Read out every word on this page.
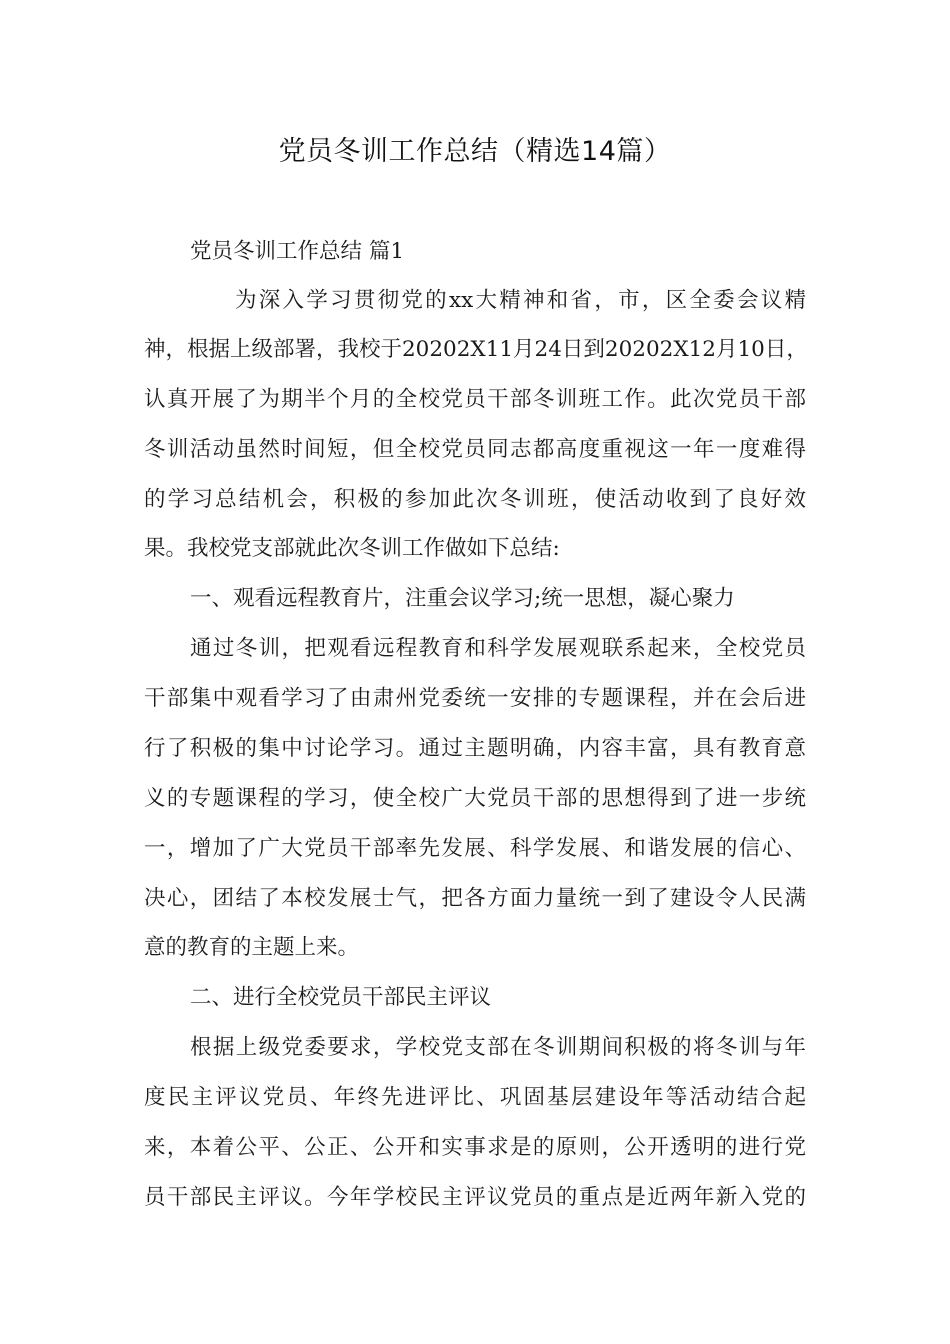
党员冬训工作总结（精选14篇）
党员冬训工作总结 篇1
为深入学习贯彻党的xx大精神和省，市，区全委会议精
神，根据上级部署，我校于20202X11月24日到20202X12月10日，
认真开展了为期半个月的全校党员干部冬训班工作。此次党员干部
冬训活动虽然时间短，但全校党员同志都高度重视这一年一度难得
的学习总结机会，积极的参加此次冬训班，使活动收到了良好效
果。我校党支部就此次冬训工作做如下总结:
一、观看远程教育片，注重会议学习;统一思想，凝心聚力
通过冬训，把观看远程教育和科学发展观联系起来，全校党员
干部集中观看学习了由肃州党委统一安排的专题课程，并在会后进
行了积极的集中讨论学习。通过主题明确，内容丰富，具有教育意
义的专题课程的学习，使全校广大党员干部的思想得到了进一步统
一，增加了广大党员干部率先发展、科学发展、和谐发展的信心、
决心，团结了本校发展士气，把各方面力量统一到了建设令人民满
意的教育的主题上来。
二、进行全校党员干部民主评议
根据上级党委要求，学校党支部在冬训期间积极的将冬训与年
度民主评议党员、年终先进评比、巩固基层建设年等活动结合起
来，本着公平、公正、公开和实事求是的原则，公开透明的进行党
员干部民主评议。今年学校民主评议党员的重点是近两年新入党的
